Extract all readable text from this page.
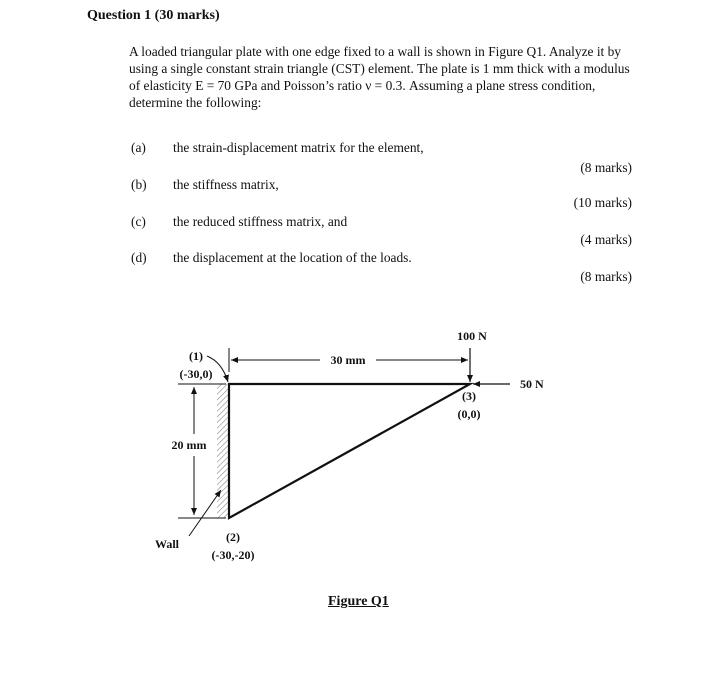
Question 1 (30 marks)
A loaded triangular plate with one edge fixed to a wall is shown in Figure Q1. Analyze it by using a single constant strain triangle (CST) element. The plate is 1 mm thick with a modulus of elasticity E = 70 GPa and Poisson’s ratio ν = 0.3. Assuming a plane stress condition, determine the following:
(a) the strain-displacement matrix for the element,
(8 marks)
(b) the stiffness matrix,
(10 marks)
(c) the reduced stiffness matrix, and
(4 marks)
(d) the displacement at the location of the loads.
(8 marks)
30 mm
20 mm
(1)
(-30,0)
(2)
(-30,-20)
(3)
(0,0)
100 N
50 N
Wall
Figure Q1
